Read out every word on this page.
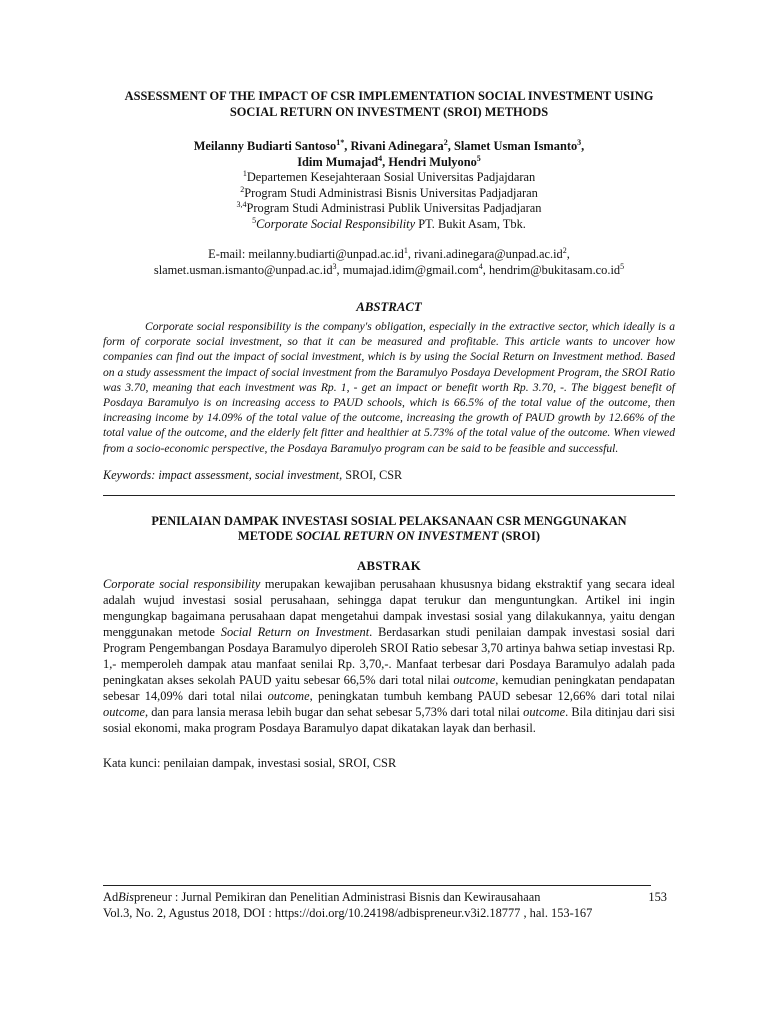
ASSESSMENT OF THE IMPACT OF CSR IMPLEMENTATION SOCIAL INVESTMENT USING SOCIAL RETURN ON INVESTMENT (SROI) METHODS
Meilanny Budiarti Santoso$^{1*}$, Rivani Adinegara$^2$, Slamet Usman Ismanto$^3$,
Idim Mumajad$^4$, Hendri Mulyono$^5$
$^1$Departemen Kesejahteraan Sosial Universitas Padjajdaran
$^2$Program Studi Administrasi Bisnis Universitas Padjadjaran
$^{3,4}$Program Studi Administrasi Publik Universitas Padjadjaran
$^5$Corporate Social Responsibility PT. Bukit Asam, Tbk.
E-mail: $meilanny.budiarti@unpad.ac.id^1$, $rivani.adinegara@unpad.ac.id^2$,
$slamet.usman.ismanto@unpad.ac.id^3$, mumajad.idim@gmail.com$^4$, $hendrim@bukitasam.co.id^5$
ABSTRACT
Corporate social responsibility is the company's obligation, especially in the extractive sector, which ideally is a form of corporate social investment, so that it can be measured and profitable. This article wants to uncover how companies can find out the impact of social investment, which is by using the Social Return on Investment method. Based on a study assessment the impact of social investment from the Baramulyo Posdaya Development Program, the SROI Ratio was 3.70, meaning that each investment was Rp. 1, - get an impact or benefit worth Rp. 3.70, -. The biggest benefit of Posdaya Baramulyo is on increasing access to PAUD schools, which is 66.5% of the total value of the outcome, then increasing income by 14.09% of the total value of the outcome, increasing the growth of PAUD growth by 12.66% of the total value of the outcome, and the elderly felt fitter and healthier at 5.73% of the total value of the outcome. When viewed from a socio-economic perspective, the Posdaya Baramulyo program can be said to be feasible and successful.
Keywords: impact assessment, social investment, SROI, CSR
PENILAIAN DAMPAK INVESTASI SOSIAL PELAKSANAAN CSR MENGGUNAKAN
METODE SOCIAL RETURN ON INVESTMENT (SROI)
ABSTRAK
Corporate social responsibility merupakan kewajiban perusahaan khususnya bidang ekstraktif yang secara ideal adalah wujud investasi sosial perusahaan, sehingga dapat terukur dan menguntungkan. Artikel ini ingin mengungkap bagaimana perusahaan dapat mengetahui dampak investasi sosial yang dilakukannya, yaitu dengan menggunakan metode Social Return on Investment. Berdasarkan studi penilaian dampak investasi sosial dari Program Pengembangan Posdaya Baramulyo diperoleh SROI Ratio sebesar 3,70 artinya bahwa setiap investasi Rp. 1,- memperoleh dampak atau manfaat senilai Rp. 3,70,-. Manfaat terbesar dari Posdaya Baramulyo adalah pada peningkatan akses sekolah PAUD yaitu sebesar 66,5% dari total nilai outcome, kemudian peningkatan pendapatan sebesar 14,09% dari total nilai outcome, peningkatan tumbuh kembang PAUD sebesar 12,66% dari total nilai outcome, dan para lansia merasa lebih bugar dan sehat sebesar 5,73% dari total nilai outcome. Bila ditinjau dari sisi sosial ekonomi, maka program Posdaya Baramulyo dapat dikatakan layak dan berhasil.
Kata kunci: penilaian dampak, investasi sosial, SROI, CSR
AdBispreneur : Jurnal Pemikiran dan Penelitian Administrasi Bisnis dan Kewirausahaan	153
Vol.3, No. 2, Agustus 2018, DOI : https://doi.org/10.24198/adbispreneur.v3i2.18777 , hal. 153-167
